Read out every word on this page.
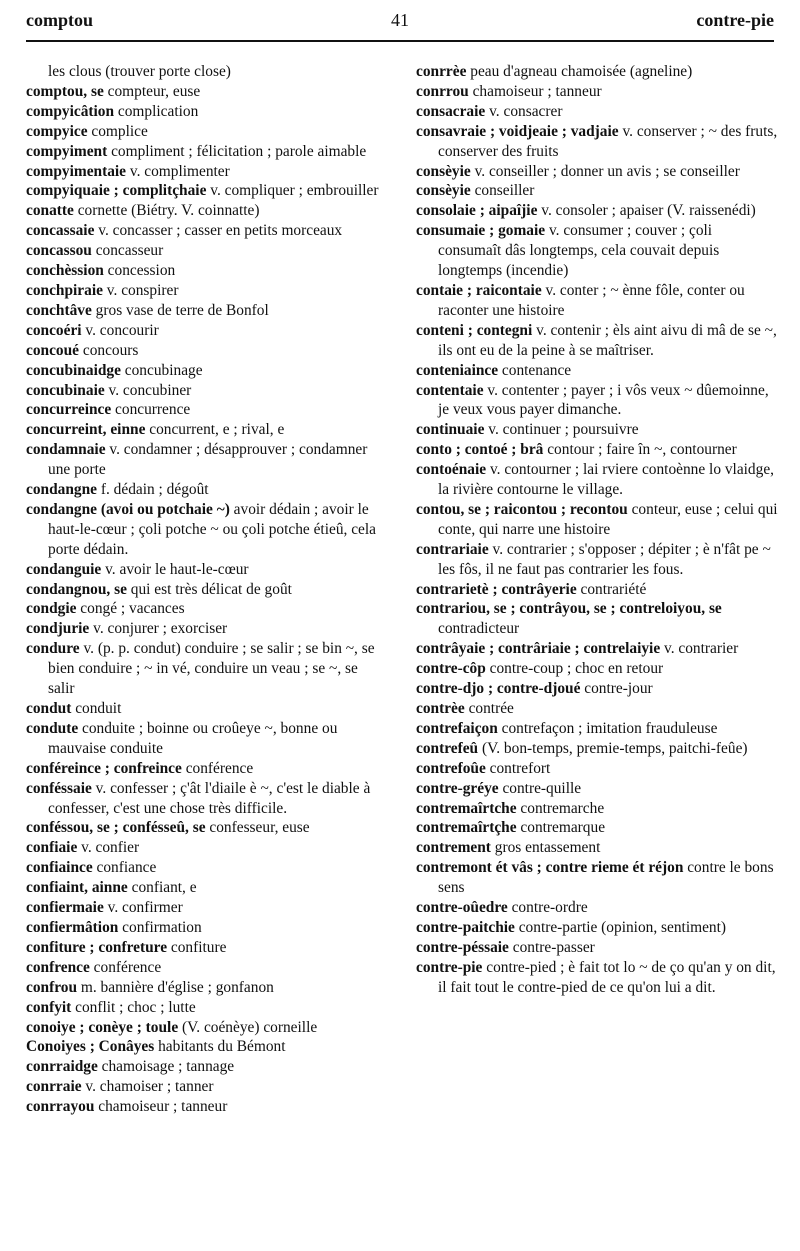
comptou	41	contre-pie

les clous (trouver porte close)

comptou, se compteur, euse

compyicâtion complication

compyice complice

compyiment compliment ; félicitation ; parole aimable

compyimentaie v. complimenter

compyiquaie ; complitçhaie v. compliquer ; embrouiller

conatte cornette (Biétry. V. coinnatte)

concassaie v. concasser ; casser en petits morceaux

concassou concasseur

conchèssion concession

conchpiraie v. conspirer

conchtâve gros vase de terre de Bonfol

concoéri v. concourir

concoué concours

concubinaidge concubinage

concubinaie v. concubiner

concurreince concurrence

concurreint, einne concurrent, e ; rival, e

condamnaie v. condamner ; désapprouver ; condamner une porte

condangne f. dédain ; dégoût

condangne (avoi ou potchaie ~) avoir dédain ; avoir le haut-le-cœur ; çoli potche ~ ou çoli potche étieû, cela porte dédain.

condanguie v. avoir le haut-le-cœur

condangnou, se qui est très délicat de goût

condgie congé ; vacances

condjurie v. conjurer ; exorciser

condure v. (p. p. condut) conduire ; se salir ; se bin ~, se bien conduire ; ~ in vé, conduire un veau ; se ~, se salir

condut conduit

condute conduite ; boinne ou croûeye ~, bonne ou mauvaise conduite

conféreince ; confreince conférence

conféssaie v. confesser ; ç'ât l'diaile è ~, c'est le diable à confesser, c'est une chose très difficile.

conféssou, se ; conféssеû, se confesseur, euse

confiaie v. confier

confiaince confiance

confiaint, ainne confiant, e

confiermaie v. confirmer

confiermâtion confirmation

confiture ; confreture confiture

confrence conférence

confrou m. bannière d'église ; gonfanon

confyit conflit ; choc ; lutte

conoiye ; conèye ; toule (V. coénèye) corneille

Conoiyes ; Conâyes habitants du Bémont

conrraidge chamoisage ; tannage

conrraie v. chamoiser ; tanner

conrrayou chamoiseur ; tanneur

conrrèe peau d'agneau chamoisée (agneline)

conrrou chamoiseur ; tanneur

consacraie v. consacrer

consavraie ; voidjeaie ; vadjaie v. conserver ; ~ des fruts, conserver des fruits

consèyie v. conseiller ; donner un avis ; se conseiller

consèyie conseiller

consolaie ; aipaîjie v. consoler ; apaiser (V. raissenédi)

consumaie ; gomaie v. consumer ; couver ; çoli consumaît dâs longtemps, cela couvait depuis longtemps (incendie)

contaie ; raicontaie v. conter ; ~ ènne fôle, conter ou raconter une histoire

conteni ; contegni v. contenir ; èls aint aivu di mâ de se ~, ils ont eu de la peine à se maîtriser.

conteniaince contenance

contentaie v. contenter ; payer ; i vôs veux ~ dûemoinne, je veux vous payer dimanche.

continuaie v. continuer ; poursuivre

conto ; contoé ; brâ contour ; faire în ~, contourner

contoénaie v. contourner ; lai rviere contoènne lo vlaidge, la rivière contourne le village.

contou, se ; raicontou ; recontou conteur, euse ; celui qui conte, qui narre une histoire

contrariaie v. contrarier ; s'opposer ; dépiter ; è n'fât pe ~ les fôs, il ne faut pas contrarier les fous.

contrarietè ; contrâyerie contrariété

contrariou, se ; contrâyou, se ; contreloiyou, se contradicteur

contrâyaie ; contrâriaie ; contrelaiyie v. contrarier

contre-côp contre-coup ; choc en retour

contre-djo ; contre-djoué contre-jour

contrèe contrée

contrefaiçon contrefaçon ; imitation frauduleuse

contrefeû (V. bon-temps, premie-temps, paitchi-feûe)

contrefoûe contrefort

contre-gréye contre-quille

contremaîrtche contremarche

contremaîrtçhe contremarque

contrement gros entassement

contremont ét vâs ; contre rieme ét réjon contre le bons sens

contre-oûedre contre-ordre

contre-paitchie contre-partie (opinion, sentiment)

contre-péssaie contre-passer

contre-pie contre-pied ; è fait tot lo ~ de ço qu'an y on dit, il fait tout le contre-pied de ce qu'on lui a dit.
